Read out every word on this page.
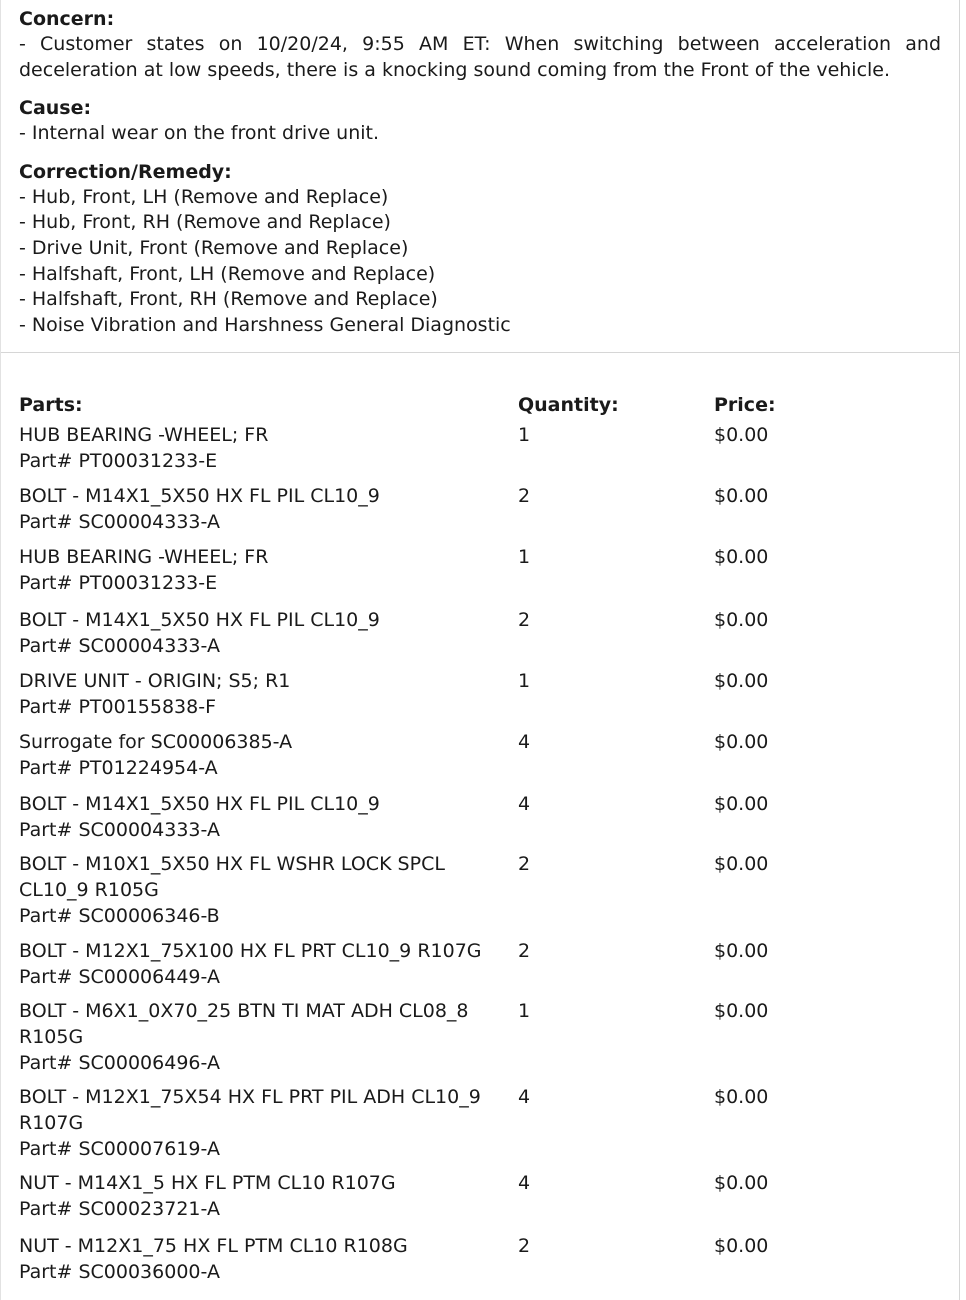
Concern:
- Customer states on 10/20/24, 9:55 AM ET: When switching between acceleration and deceleration at low speeds, there is a knocking sound coming from the Front of the vehicle.
Cause:
- Internal wear on the front drive unit.
Correction/Remedy:
- Hub, Front, LH (Remove and Replace)
- Hub, Front, RH (Remove and Replace)
- Drive Unit, Front (Remove and Replace)
- Halfshaft, Front, LH (Remove and Replace)
- Halfshaft, Front, RH (Remove and Replace)
- Noise Vibration and Harshness General Diagnostic
Parts:	Quantity:	Price:
HUB BEARING -WHEEL; FR
Part# PT00031233-E
1	$0.00
BOLT - M14X1_5X50 HX FL PIL CL10_9
Part# SC00004333-A
2	$0.00
HUB BEARING -WHEEL; FR
Part# PT00031233-E
1	$0.00
BOLT - M14X1_5X50 HX FL PIL CL10_9
Part# SC00004333-A
2	$0.00
DRIVE UNIT - ORIGIN; S5; R1
Part# PT00155838-F
1	$0.00
Surrogate for SC00006385-A
Part# PT01224954-A
4	$0.00
BOLT - M14X1_5X50 HX FL PIL CL10_9
Part# SC00004333-A
4	$0.00
BOLT - M10X1_5X50 HX FL WSHR LOCK SPCL
CL10_9 R105G
Part# SC00006346-B
2	$0.00
BOLT - M12X1_75X100 HX FL PRT CL10_9 R107G
Part# SC00006449-A
2	$0.00
BOLT - M6X1_0X70_25 BTN TI MAT ADH CL08_8
R105G
Part# SC00006496-A
1	$0.00
BOLT - M12X1_75X54 HX FL PRT PIL ADH CL10_9
R107G
Part# SC00007619-A
4	$0.00
NUT - M14X1_5 HX FL PTM CL10 R107G
Part# SC00023721-A
4	$0.00
NUT - M12X1_75 HX FL PTM CL10 R108G
Part# SC00036000-A
2	$0.00
